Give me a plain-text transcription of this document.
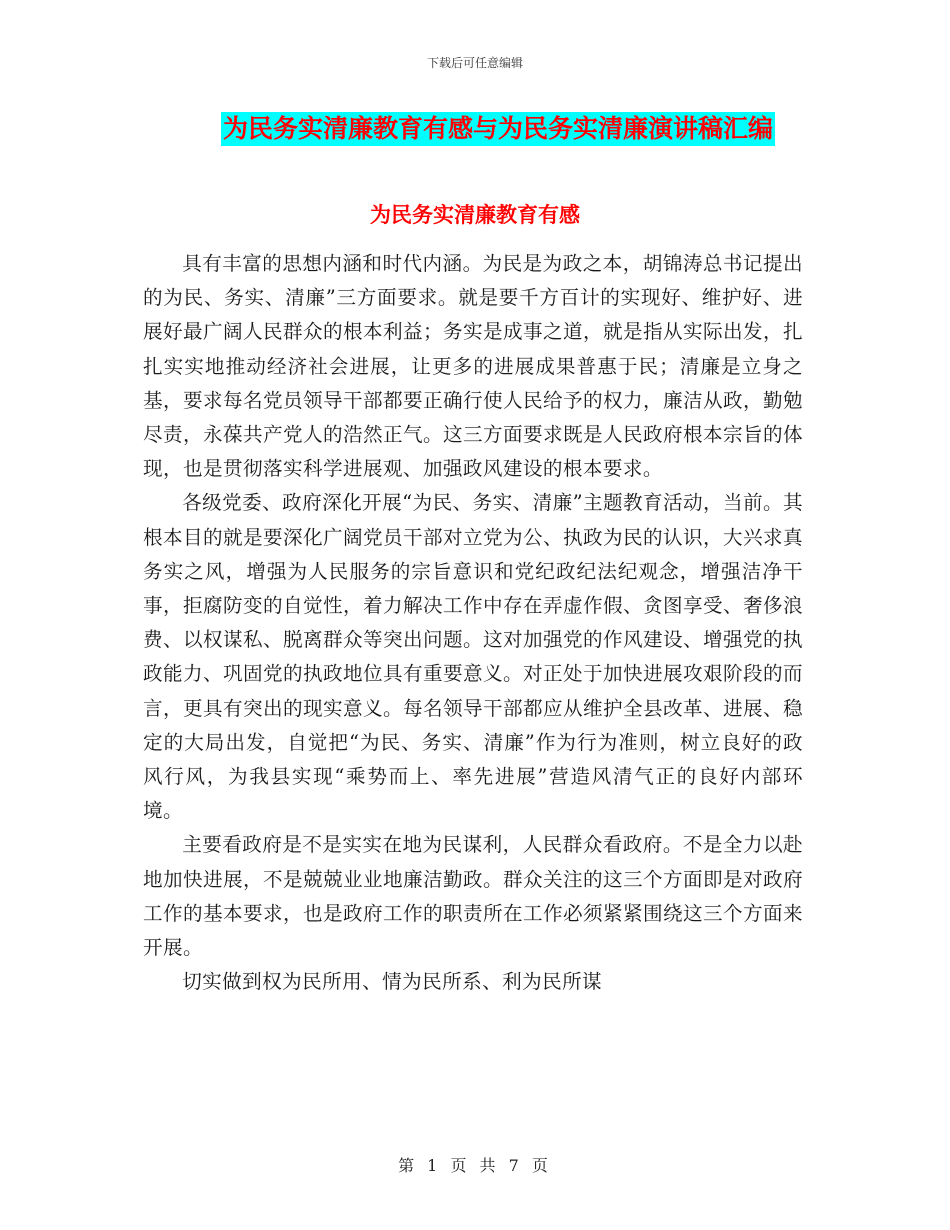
下载后可任意编辑
为民务实清廉教育有感与为民务实清廉演讲稿汇编
为民务实清廉教育有感

具有丰富的思想内涵和时代内涵。为民是为政之本，胡锦涛总书记提出的为民、务实、清廉”三方面要求。就是要千方百计的实现好、维护好、进展好最广阔人民群众的根本利益；务实是成事之道，就是指从实际出发，扎扎实实地推动经济社会进展，让更多的进展成果普惠于民；清廉是立身之基，要求每名党员领导干部都要正确行使人民给予的权力，廉洁从政，勤勉尽责，永葆共产党人的浩然正气。这三方面要求既是人民政府根本宗旨的体现，也是贯彻落实科学进展观、加强政风建设的根本要求。

各级党委、政府深化开展“为民、务实、清廉”主题教育活动，当前。其根本目的就是要深化广阔党员干部对立党为公、执政为民的认识，大兴求真务实之风，增强为人民服务的宗旨意识和党纪政纪法纪观念，增强洁净干事，拒腐防变的自觉性，着力解决工作中存在弄虚作假、贪图享受、奢侈浪费、以权谋私、脱离群众等突出问题。这对加强党的作风建设、增强党的执政能力、巩固党的执政地位具有重要意义。对正处于加快进展攻艰阶段的而言，更具有突出的现实意义。每名领导干部都应从维护全县改革、进展、稳定的大局出发，自觉把“为民、务实、清廉”作为行为准则，树立良好的政风行风，为我县实现“乘势而上、率先进展”营造风清气正的良好内部环境。

主要看政府是不是实实在地为民谋利，人民群众看政府。不是全力以赴地加快进展，不是兢兢业业地廉洁勤政。群众关注的这三个方面即是对政府工作的基本要求，也是政府工作的职责所在工作必须紧紧围绕这三个方面来开展。

切实做到权为民所用、情为民所系、利为民所谋

第 1 页 共 7 页
